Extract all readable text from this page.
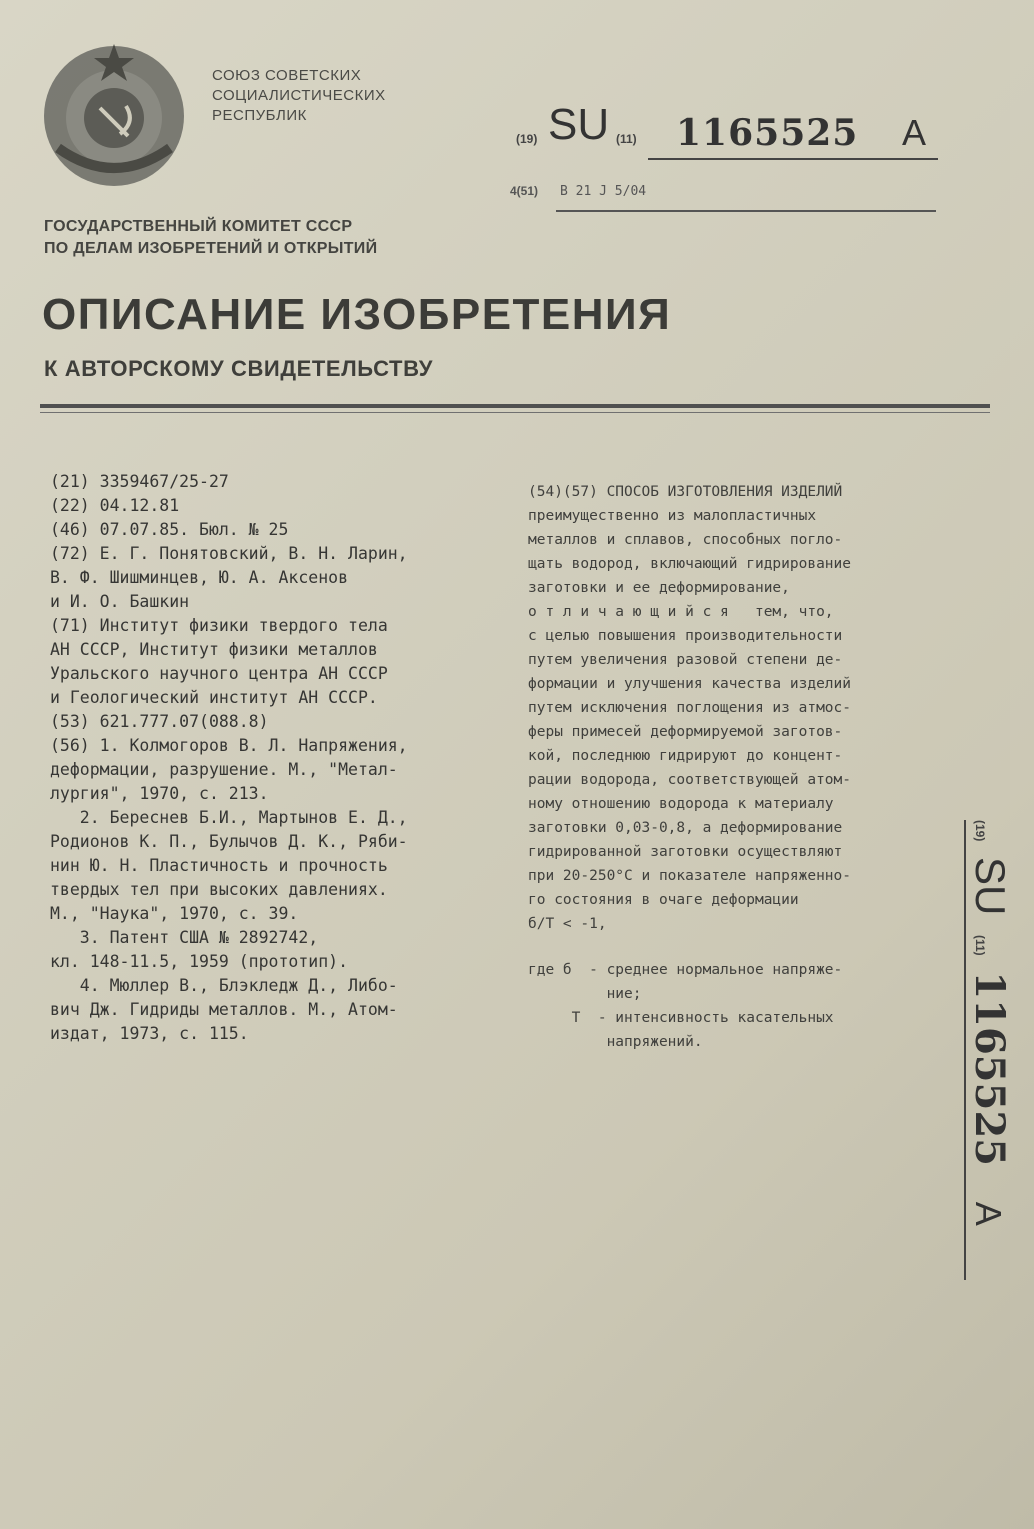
СОЮЗ СОВЕТСКИХ
СОЦИАЛИСТИЧЕСКИХ
РЕСПУБЛИК
(19) SU (11) 1165525 A
4(51) B 21 J 5/04
ГОСУДАРСТВЕННЫЙ КОМИТЕТ СССР
ПО ДЕЛАМ ИЗОБРЕТЕНИЙ И ОТКРЫТИЙ
ОПИСАНИЕ ИЗОБРЕТЕНИЯ
К АВТОРСКОМУ СВИДЕТЕЛЬСТВУ
(21) 3359467/25-27
(22) 04.12.81
(46) 07.07.85. Бюл. № 25
(72) Е. Г. Понятовский, В. Н. Ларин,
В. Ф. Шишминцев, Ю. А. Аксенов
и И. О. Башкин
(71) Институт физики твердого тела
АН СССР, Институт физики металлов
Уральского научного центра АН СССР
и Геологический институт АН СССР.
(53) 621.777.07(088.8)
(56) 1. Колмогоров В. Л. Напряжения,
деформации, разрушение. М., "Метал-
лургия", 1970, с. 213.
2. Береснев Б.И., Мартынов Е. Д.,
Родионов К. П., Булычов Д. К., Ряби-
нин Ю. Н. Пластичность и прочность
твердых тел при высоких давлениях.
М., "Наука", 1970, с. 39.
3. Патент США № 2892742,
кл. 148-11.5, 1959 (прототип).
4. Мюллер В., Блэкледж Д., Либо-
вич Дж. Гидриды металлов. М., Атом-
издат, 1973, с. 115.
(54)(57) СПОСОБ ИЗГОТОВЛЕНИЯ ИЗДЕЛИЙ
преимущественно из малопластичных
металлов и сплавов, способных погло-
щать водород, включающий гидрирование
заготовки и ее деформирование,
о т л и ч а ю щ и й с я   тем, что,
с целью повышения производительности
путем увеличения разовой степени де-
формации и улучшения качества изделий
путем исключения поглощения из атмос-
феры примесей деформируемой заготов-
кой, последнюю гидрируют до концент-
рации водорода, соответствующей атом-
ному отношению водорода к материалу
заготовки 0,03-0,8, а деформирование
гидрированной заготовки осуществляют
при 20-250°С и показателе напряженно-
го состояния в очаге деформации
б/Т < -1,
где б  - среднее нормальное напряже-
ние;
Т  - интенсивность касательных
напряжений.
(19) SU (11) 1165525 A
